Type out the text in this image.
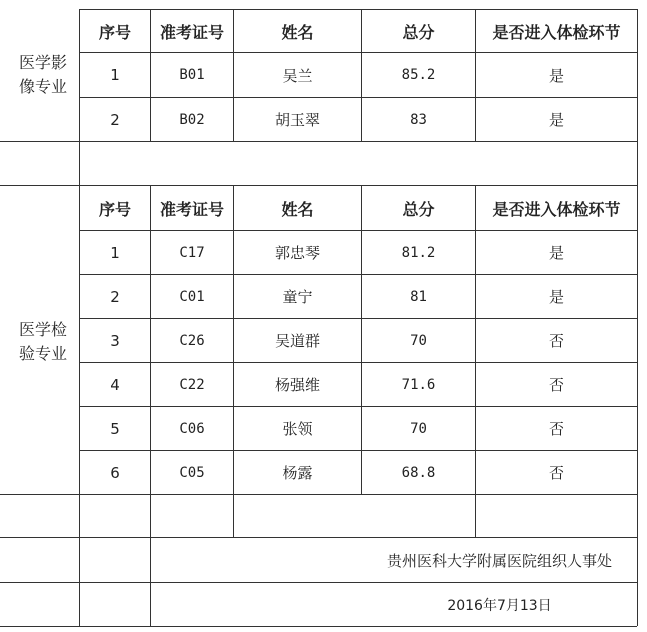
医学影
像专业
序号	准考证号	姓名	总分	是否进入体检环节
1	B01	吴兰	85.2	是
2	B02	胡玉翠	83	是
医学检
验专业
序号	准考证号	姓名	总分	是否进入体检环节
1	C17	郭忠琴	81.2	是
2	C01	童宁	81	是
3	C26	吴道群	70	否
4	C22	杨强维	71.6	否
5	C06	张领	70	否
6	C05	杨露	68.8	否
贵州医科大学附属医院组织人事处
2016年7月13日
